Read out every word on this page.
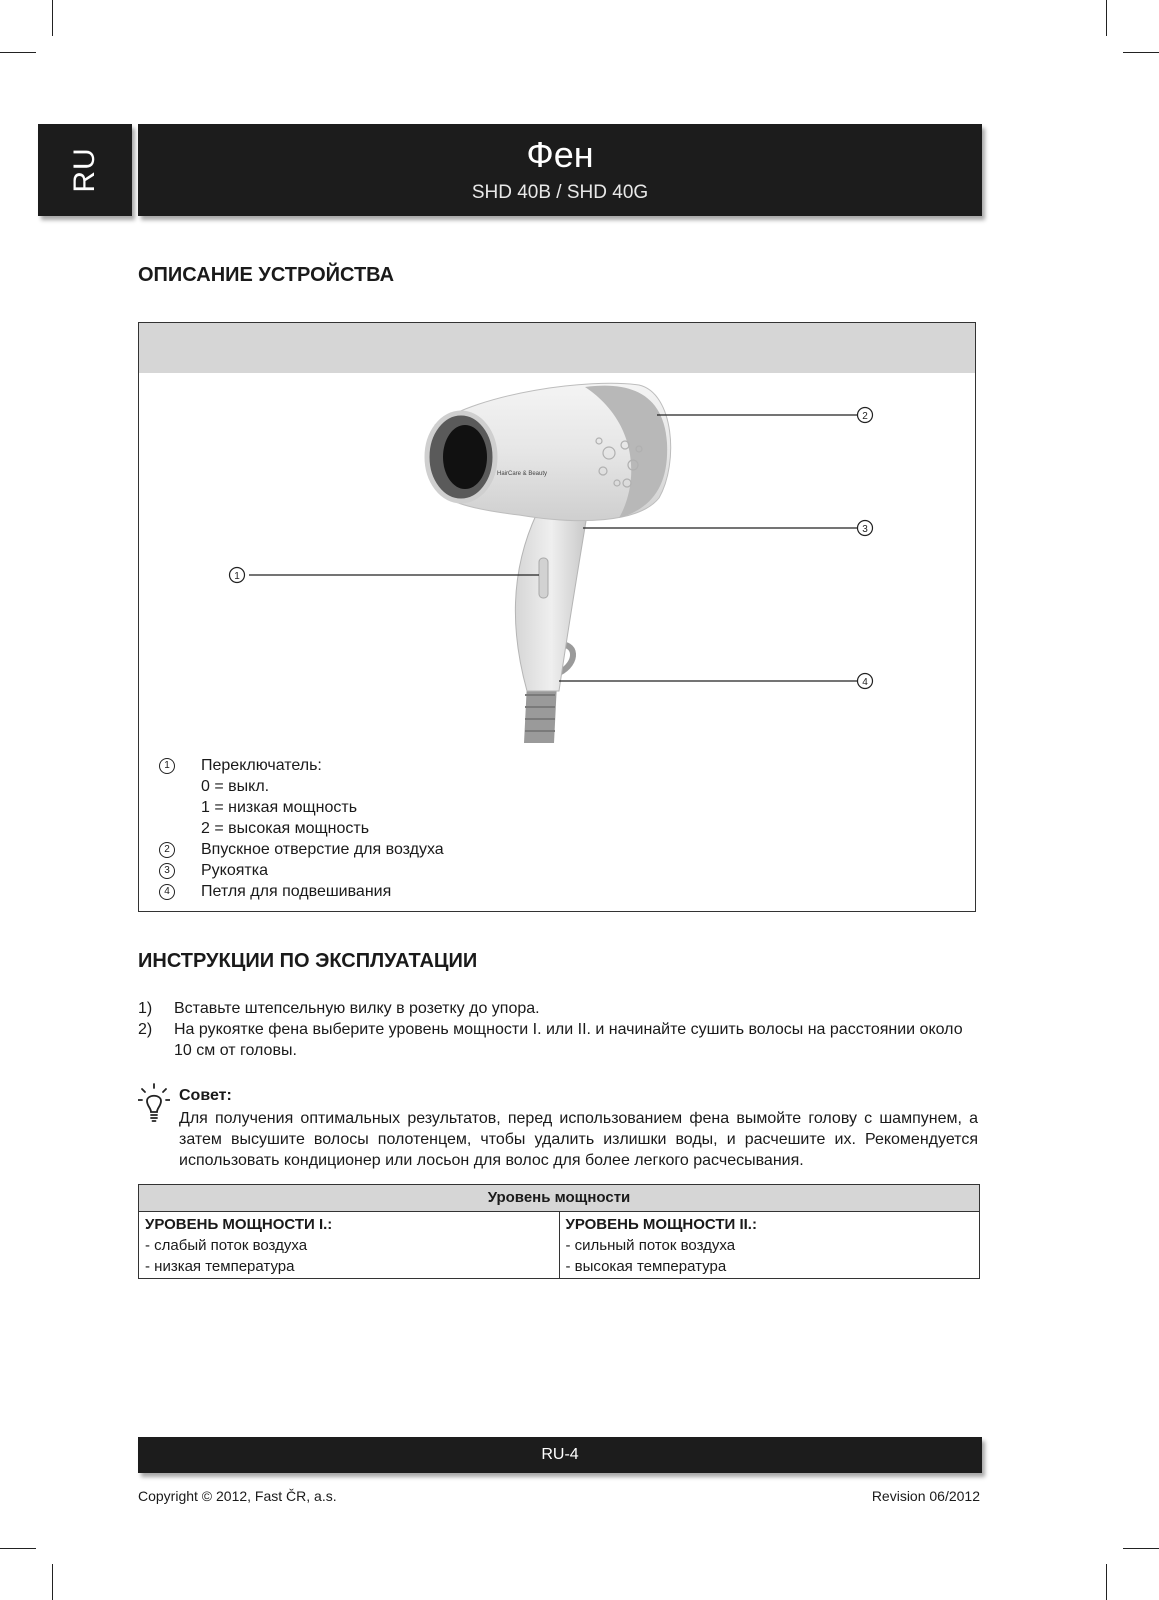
RU	Фен
SHD 40B / SHD 40G
ОПИСАНИЕ УСТРОЙСТВА
HairCare & Beauty
1
2
3
4
1	Переключатель:
0 = выкл.
1 = низкая мощность
2 = высокая мощность
2	Впускное отверстие для воздуха
3	Рукоятка
4	Петля для подвешивания
ИНСТРУКЦИИ ПО ЭКСПЛУАТАЦИИ
1)	Вставьте штепсельную вилку в розетку до упора.
2)	На рукоятке фена выберите уровень мощности I. или II. и начинайте сушить волосы на расстоянии около 10 см от головы.
Совет:
Для получения оптимальных результатов, перед использованием фена вымойте голову с шампунем, а затем высушите волосы полотенцем, чтобы удалить излишки воды, и расчешите их. Рекомендуется использовать кондиционер или лосьон для волос для более легкого расчесывания.
Уровень мощности
УРОВЕНЬ МОЩНОСТИ I.:
- слабый поток воздуха
- низкая температура
УРОВЕНЬ МОЩНОСТИ II.:
- сильный поток воздуха
- высокая температура
RU-4
Copyright © 2012, Fast ČR, a.s.	Revision 06/2012
